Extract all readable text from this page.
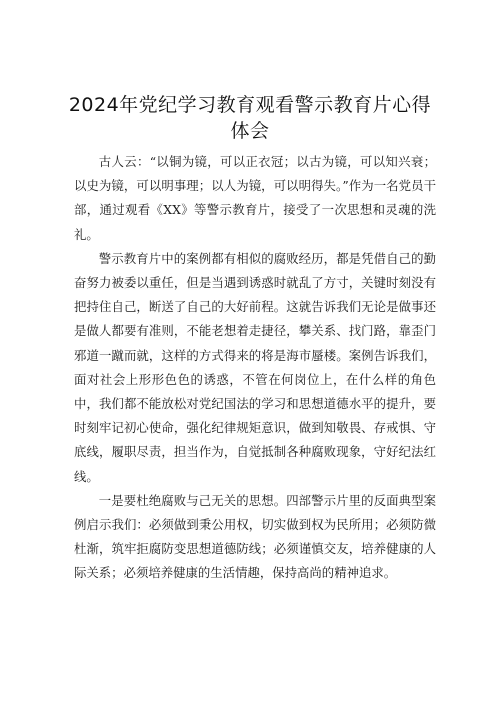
2024年党纪学习教育观看警示教育片心得
体会

古人云：“以铜为镜，可以正衣冠；以古为镜，可以知兴衰；以史为镜，可以明事理；以人为镜，可以明得失。”作为一名党员干部，通过观看《XX》等警示教育片，接受了一次思想和灵魂的洗礼。

警示教育片中的案例都有相似的腐败经历，都是凭借自己的勤奋努力被委以重任，但是当遇到诱惑时就乱了方寸，关键时刻没有把持住自己，断送了自己的大好前程。这就告诉我们无论是做事还是做人都要有准则，不能老想着走捷径，攀关系、找门路，靠歪门邪道一蹴而就，这样的方式得来的将是海市蜃楼。案例告诉我们，面对社会上形形色色的诱惑，不管在何岗位上，在什么样的角色中，我们都不能放松对党纪国法的学习和思想道德水平的提升，要时刻牢记初心使命，强化纪律规矩意识，做到知敬畏、存戒惧、守底线，履职尽责，担当作为，自觉抵制各种腐败现象，守好纪法红线。

一是要杜绝腐败与己无关的思想。四部警示片里的反面典型案例启示我们：必须做到秉公用权，切实做到权为民所用；必须防微杜渐，筑牢拒腐防变思想道德防线；必须谨慎交友，培养健康的人际关系；必须培养健康的生活情趣，保持高尚的精神追求。
